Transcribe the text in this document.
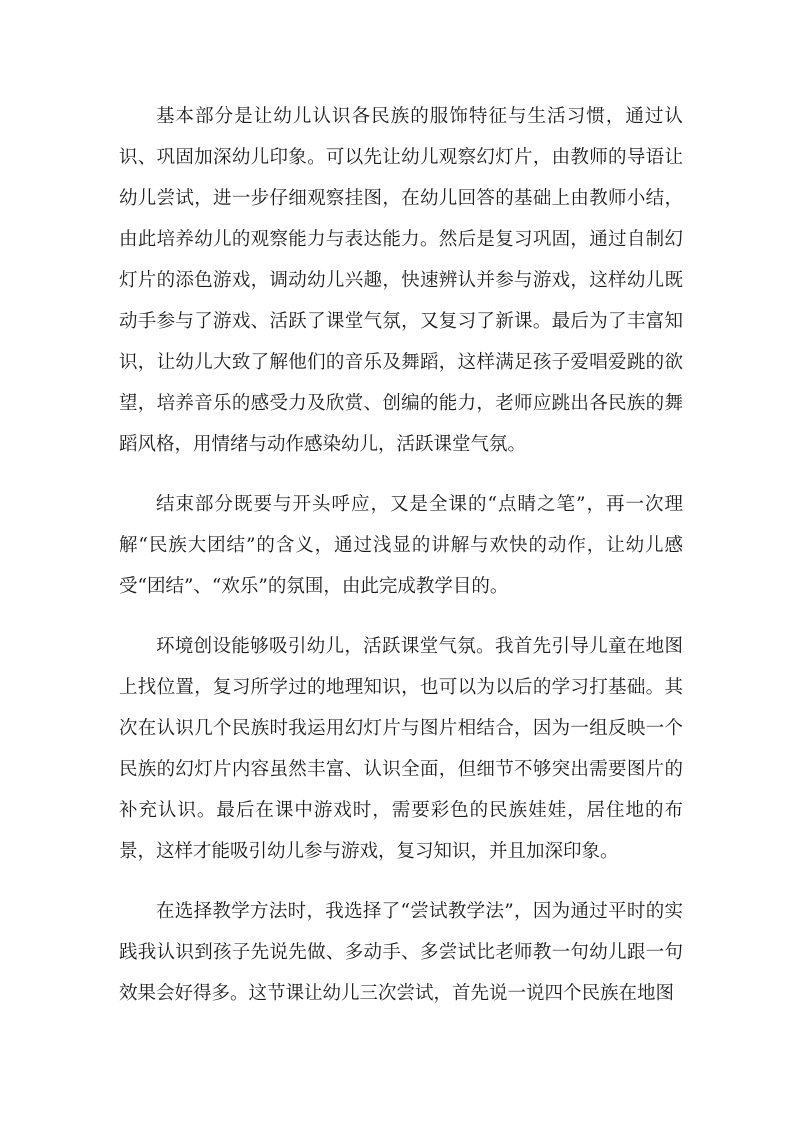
基本部分是让幼儿认识各民族的服饰特征与生活习惯，通过认识、巩固加深幼儿印象。可以先让幼儿观察幻灯片，由教师的导语让幼儿尝试，进一步仔细观察挂图，在幼儿回答的基础上由教师小结，由此培养幼儿的观察能力与表达能力。然后是复习巩固，通过自制幻灯片的添色游戏，调动幼儿兴趣，快速辨认并参与游戏，这样幼儿既动手参与了游戏、活跃了课堂气氛，又复习了新课。最后为了丰富知识，让幼儿大致了解他们的音乐及舞蹈，这样满足孩子爱唱爱跳的欲望，培养音乐的感受力及欣赏、创编的能力，老师应跳出各民族的舞蹈风格，用情绪与动作感染幼儿，活跃课堂气氛。

结束部分既要与开头呼应，又是全课的“点睛之笔”，再一次理解“民族大团结”的含义，通过浅显的讲解与欢快的动作，让幼儿感受“团结”、“欢乐”的氛围，由此完成教学目的。

环境创设能够吸引幼儿，活跃课堂气氛。我首先引导儿童在地图上找位置，复习所学过的地理知识，也可以为以后的学习打基础。其次在认识几个民族时我运用幻灯片与图片相结合，因为一组反映一个民族的幻灯片内容虽然丰富、认识全面，但细节不够突出需要图片的补充认识。最后在课中游戏时，需要彩色的民族娃娃，居住地的布景，这样才能吸引幼儿参与游戏，复习知识，并且加深印象。

在选择教学方法时，我选择了“尝试教学法”，因为通过平时的实践我认识到孩子先说先做、多动手、多尝试比老师教一句幼儿跟一句效果会好得多。这节课让幼儿三次尝试，首先说一说四个民族在地图
